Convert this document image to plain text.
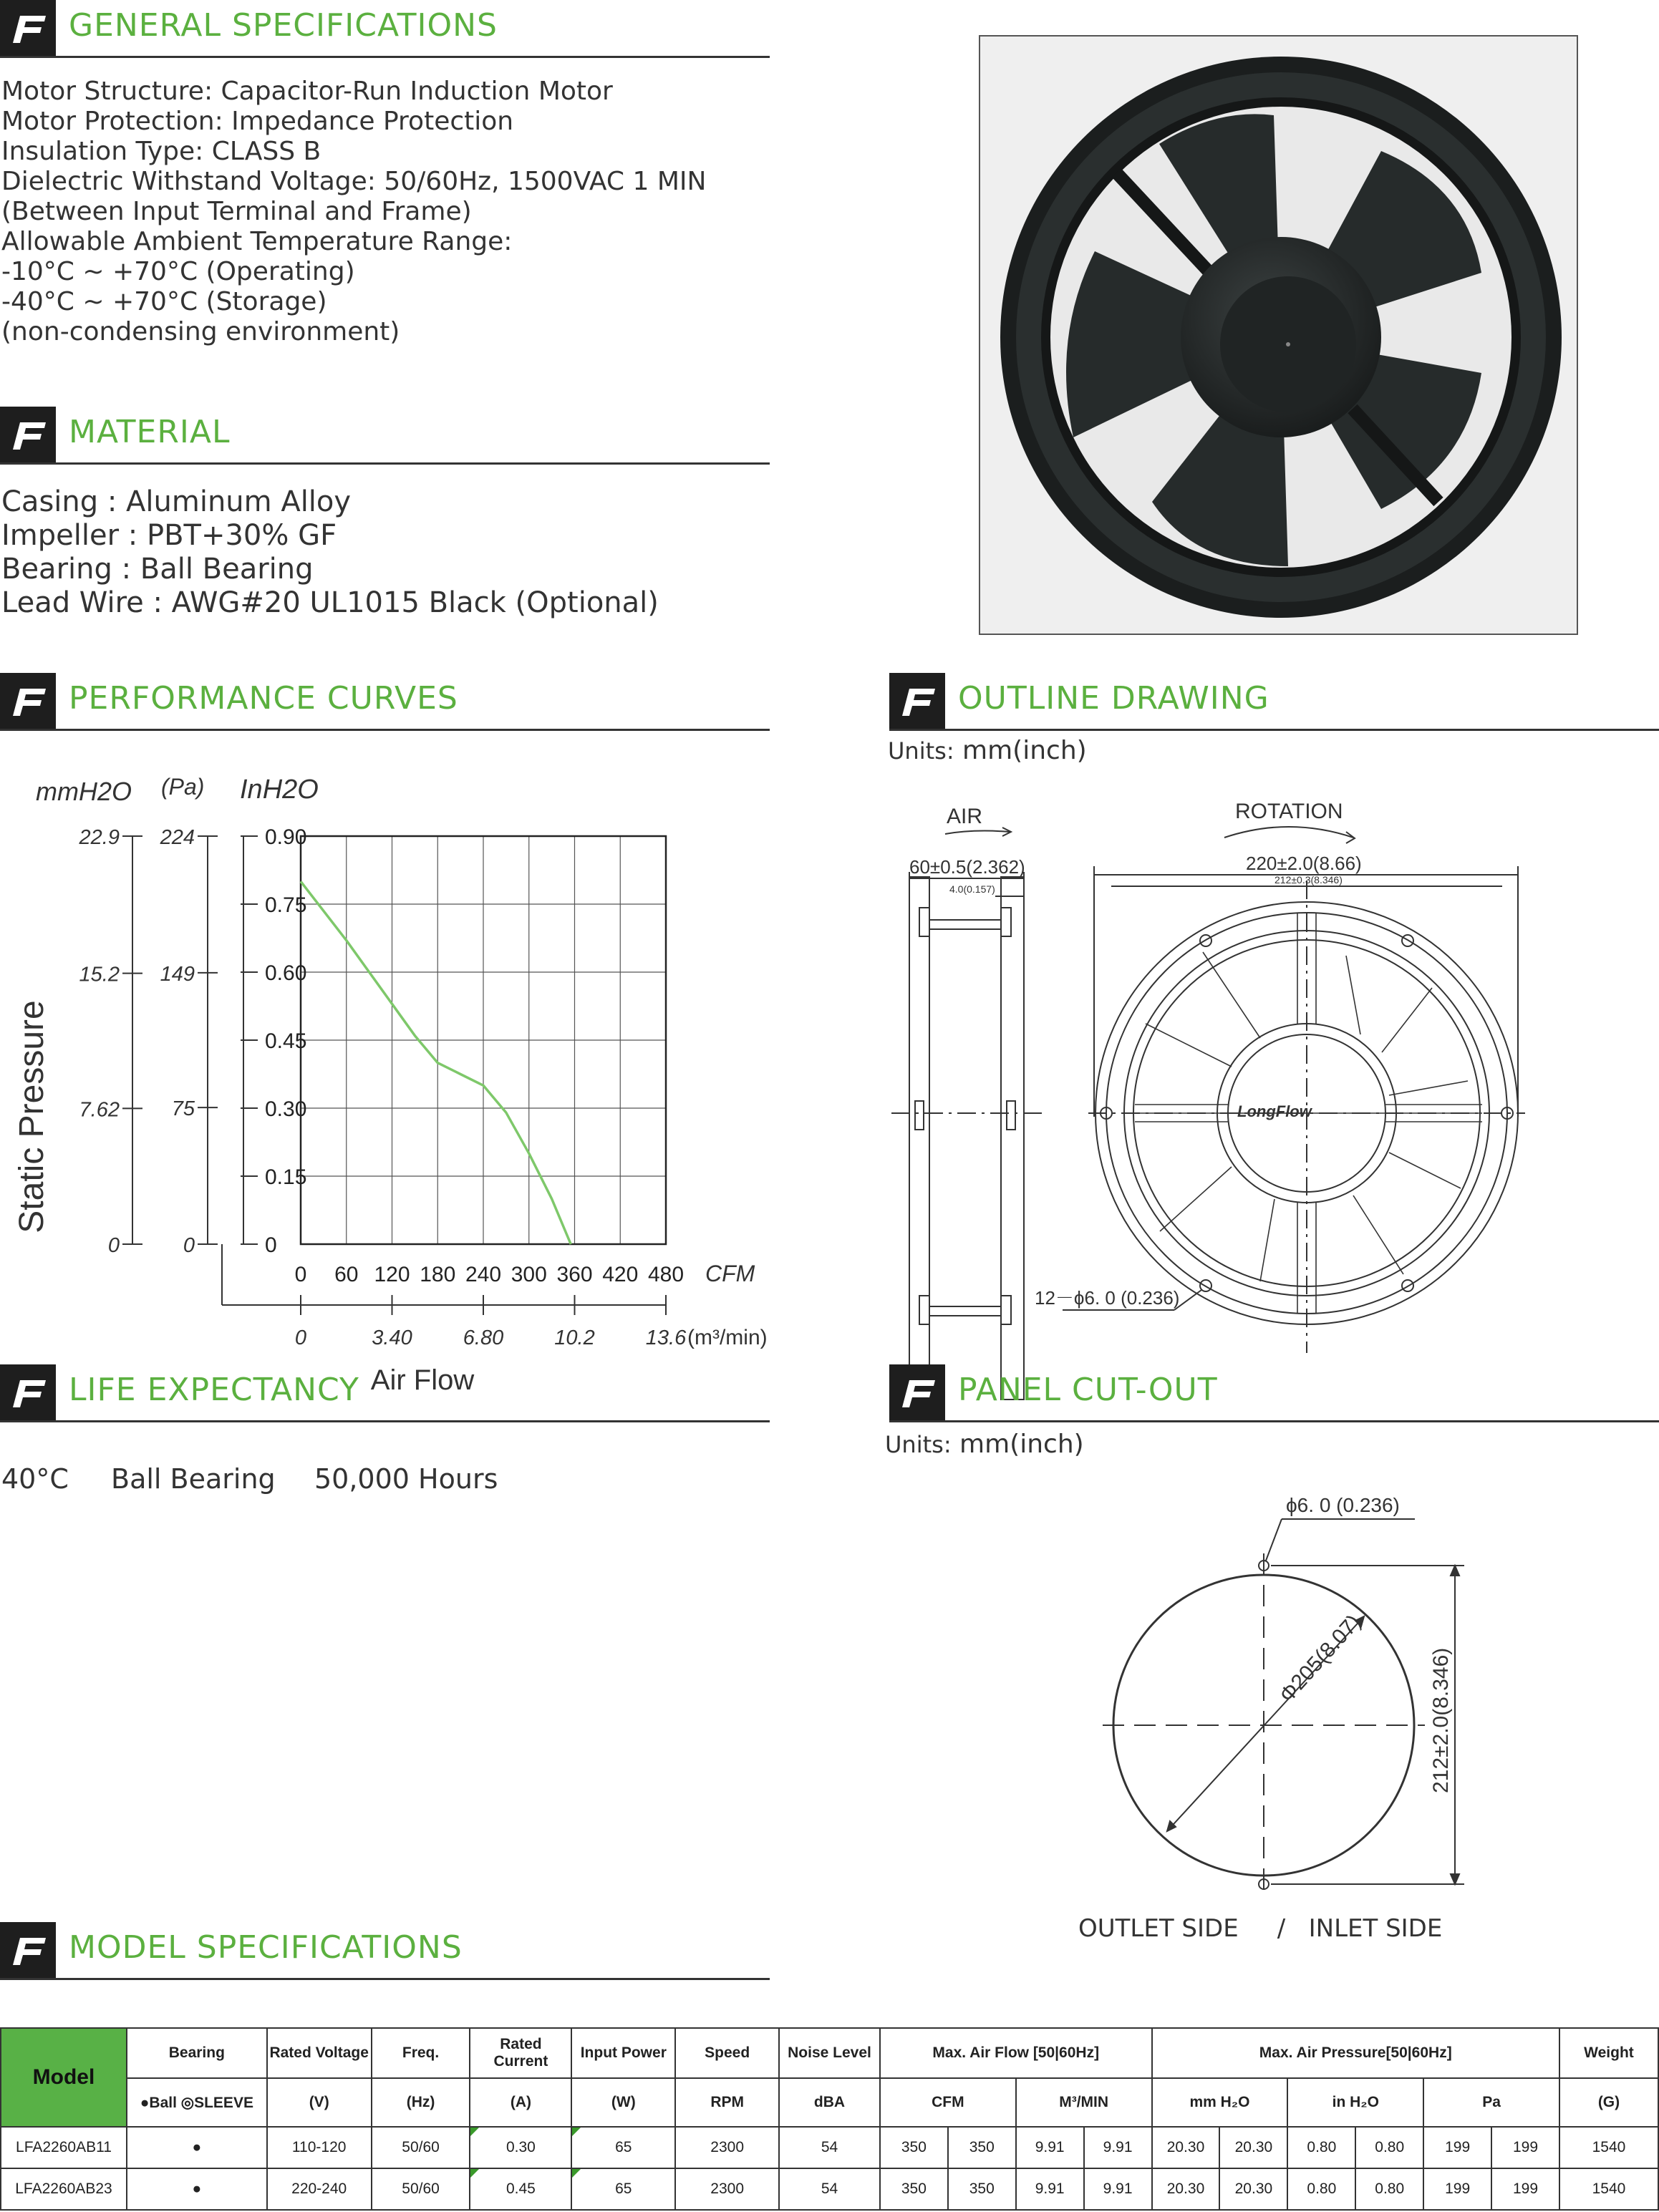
GENERAL SPECIFICATIONS
Motor Structure: Capacitor-Run Induction Motor
Motor Protection: Impedance Protection
Insulation Type: CLASS B
Dielectric Withstand Voltage: 50/60Hz, 1500VAC 1 MIN
(Between Input Terminal and Frame)
Allowable Ambient Temperature Range:
-10°C ~ +70°C (Operating)
-40°C ~ +70°C (Storage)
(non-condensing environment)
MATERIAL
Casing : Aluminum Alloy
Impeller : PBT+30% GF
Bearing : Ball Bearing
Lead Wire : AWG#20 UL1015 Black (Optional)
PERFORMANCE CURVES
0
0.15
0.30
0.45
0.60
0.75
0.90
InH2O
0
75
149
224
(Pa)
0
7.62
15.2
22.9
mmH2O
Static Pressure
0 60 120 180 240 300 360 420 480 CFM
0	3.40 6.80 10.2 13.6 (m³/min)
Air Flow
OUTLINE DRAWING
Units: mm(inch)
AIR
60±0.5(2.362)
4.0(0.157)
ROTATION
220±2.0(8.66)
212±0.3(8.346)
LongFlow
12－ϕ6. 0 (0.236)
LIFE EXPECTANCY
40°C Ball Bearing 50,000 Hours
PANEL CUT-OUT
Units: mm(inch)
ϕ6. 0 (0.236)
Φ205(8.07)	212±2.0(8.346)
OUTLET SIDE     /   INLET SIDE
MODEL SPECIFICATIONS
Model	Bearing	Rated Voltage	Freq.	Rated Current	Input Power	Speed	Noise Level	Max. Air Flow [50|60Hz]				Max. Air Pressure[50|60Hz]						Weight
	●Ball ◎SLEEVE	(V)	(Hz)	(A)	(W)	RPM	dBA	CFM		M³/MIN		mm H₂O		in H₂O		Pa		(G)
LFA2260AB11	●	110-120	50/60	0.30	65	2300	54	350	350	9.91	9.91	20.30	20.30	0.80	0.80	199	199	1540
LFA2260AB23	●	220-240	50/60	0.45	65	2300	54	350	350	9.91	9.91	20.30	20.30	0.80	0.80	199	199	1540
